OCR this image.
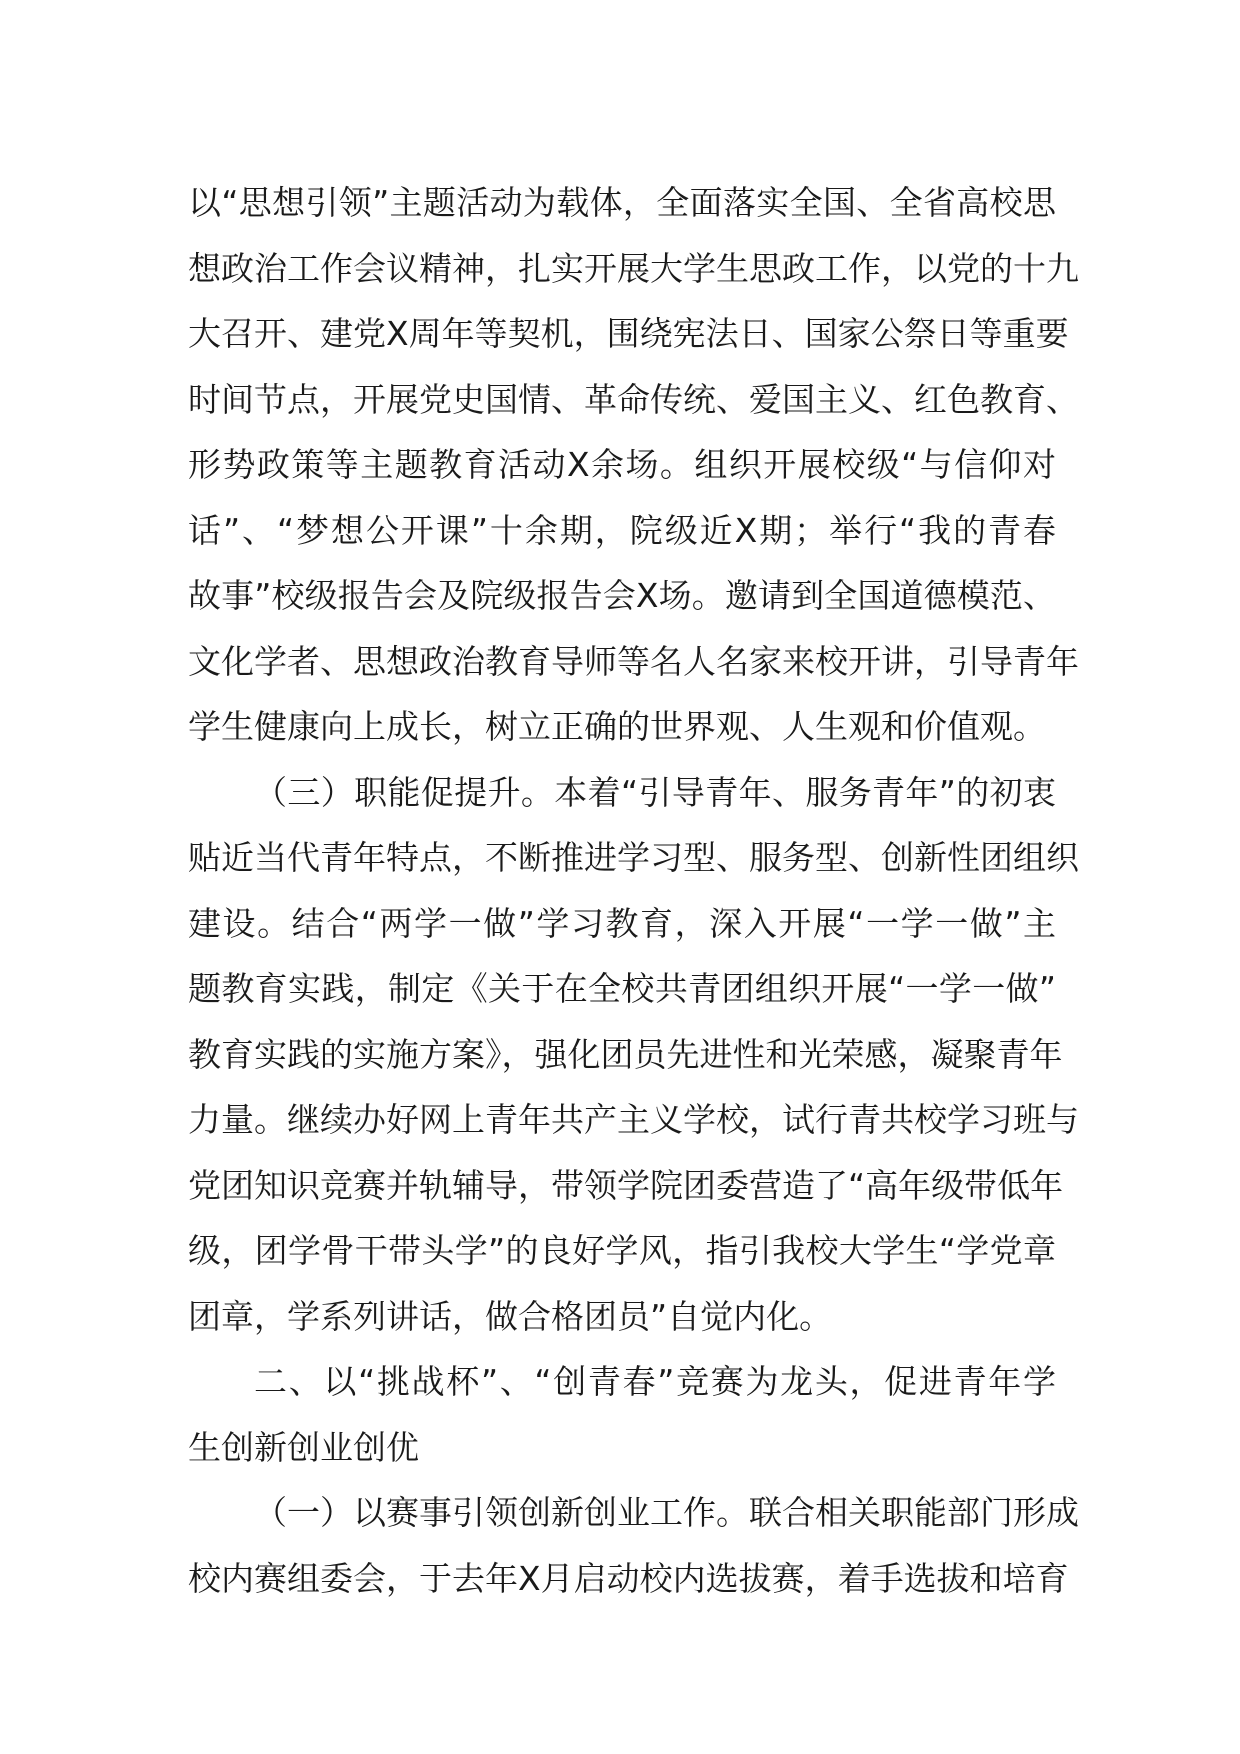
以“思想引领”主题活动为载体，全面落实全国、全省高校思
想政治工作会议精神，扎实开展大学生思政工作，以党的十九
大召开、建党X周年等契机，围绕宪法日、国家公祭日等重要
时间节点，开展党史国情、革命传统、爱国主义、红色教育、
形势政策等主题教育活动X余场。组织开展校级“与信仰对
话”、“梦想公开课”十余期，院级近X期；举行“我的青春
故事”校级报告会及院级报告会X场。邀请到全国道德模范、
文化学者、思想政治教育导师等名人名家来校开讲，引导青年
学生健康向上成长，树立正确的世界观、人生观和价值观。
（三）职能促提升。本着“引导青年、服务青年”的初衷
贴近当代青年特点，不断推进学习型、服务型、创新性团组织
建设。结合“两学一做”学习教育，深入开展“一学一做”主
题教育实践，制定《关于在全校共青团组织开展“一学一做”
教育实践的实施方案》，强化团员先进性和光荣感，凝聚青年
力量。继续办好网上青年共产主义学校，试行青共校学习班与
党团知识竞赛并轨辅导，带领学院团委营造了“高年级带低年
级，团学骨干带头学”的良好学风，指引我校大学生“学党章
团章，学系列讲话，做合格团员”自觉内化。
二、以“挑战杯”、“创青春”竞赛为龙头，促进青年学
生创新创业创优
（一）以赛事引领创新创业工作。联合相关职能部门形成
校内赛组委会，于去年X月启动校内选拔赛，着手选拔和培育
